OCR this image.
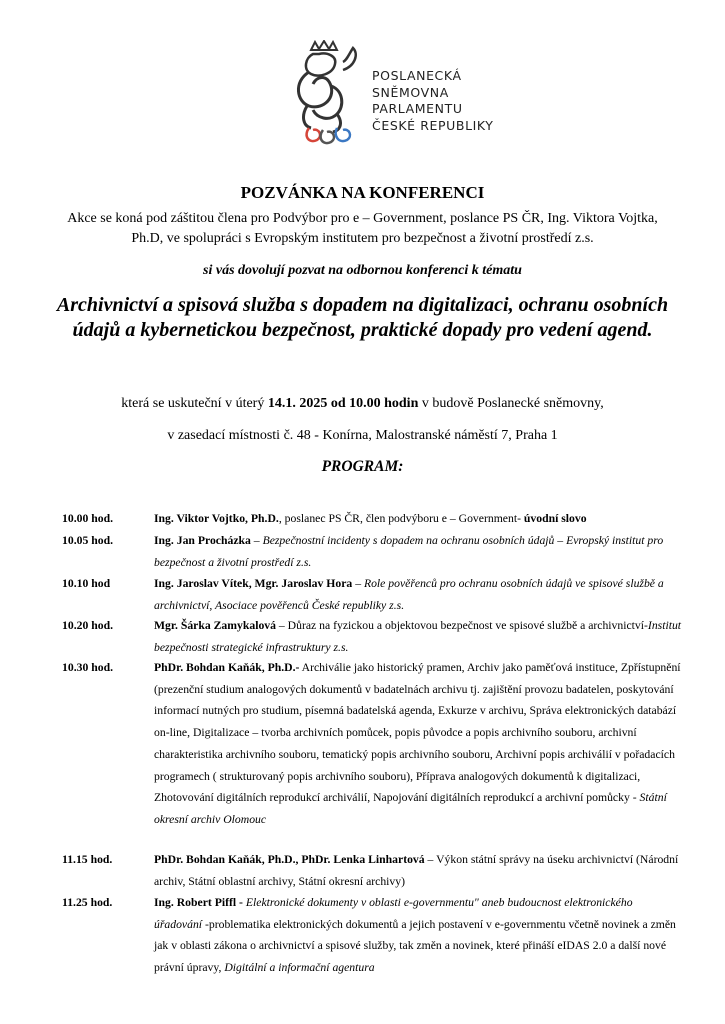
POSLANECKÁ
SNĚMOVNA
PARLAMENTU
ČESKÉ REPUBLIKY
POZVÁNKA NA KONFERENCI
Akce se koná pod záštitou člena pro Podvýbor pro e – Government, poslance PS ČR, Ing. Viktora Vojtka, Ph.D, ve spolupráci s Evropským institutem pro bezpečnost a životní prostředí z.s.
si vás dovolují pozvat na odbornou konferenci k tématu
Archivnictví a spisová služba s dopadem na digitalizaci, ochranu osobních údajů a kybernetickou bezpečnost, praktické dopady pro vedení agend.
která se uskuteční v úterý 14.1. 2025 od 10.00 hodin v budově Poslanecké sněmovny,
v zasedací místnosti č. 48 - Konírna, Malostranské náměstí 7, Praha 1
PROGRAM:
10.00 hod.	Ing. Viktor Vojtko, Ph.D., poslanec PS ČR, člen podvýboru e – Government- úvodní slovo
10.05 hod.	Ing. Jan Procházka – Bezpečnostní incidenty s dopadem na ochranu osobních údajů – Evropský institut pro bezpečnost a životní prostředí z.s.
10.10 hod	Ing. Jaroslav Vítek, Mgr. Jaroslav Hora – Role pověřenců pro ochranu osobních údajů ve spisové službě a archivnictví, Asociace pověřenců České republiky z.s.
10.20 hod.	Mgr. Šárka Zamykalová – Důraz na fyzickou a objektovou bezpečnost ve spisové službě a archivnictví-Institut bezpečnosti strategické infrastruktury z.s.
10.30 hod.	PhDr. Bohdan Kaňák, Ph.D.- Archiválie jako historický pramen, Archiv jako paměťová instituce, Zpřístupnění (prezenční studium analogových dokumentů v badatelnách archivu tj. zajištění provozu badatelen, poskytování informací nutných pro studium, písemná badatelská agenda, Exkurze v archivu, Správa elektronických databází on-line, Digitalizace – tvorba archivních pomůcek, popis původce a popis archivního souboru, archivní charakteristika archivního souboru, tematický popis archivního souboru, Archivní popis archiválií v pořadacích programech ( strukturovaný popis archivního souboru), Příprava analogových dokumentů k digitalizaci, Zhotovování digitálních reprodukcí archiválií, Napojování digitálních reprodukcí a archivní pomůcky - Státní okresní archiv Olomouc
11.15 hod.	PhDr. Bohdan Kaňák, Ph.D., PhDr. Lenka Linhartová – Výkon státní správy na úseku archivnictví (Národní archiv, Státní oblastní archivy, Státní okresní archivy)
11.25 hod.	Ing. Robert Piffl - Elektronické dokumenty v oblasti e-governmentu" aneb budoucnost elektronického úřadování -problematika elektronických dokumentů a jejich postavení v e-governmentu včetně novinek a změn jak v oblasti zákona o archivnictví a spisové služby, tak změn a novinek, které přináší eIDAS 2.0 a další nové právní úpravy, Digitální a informační agentura
